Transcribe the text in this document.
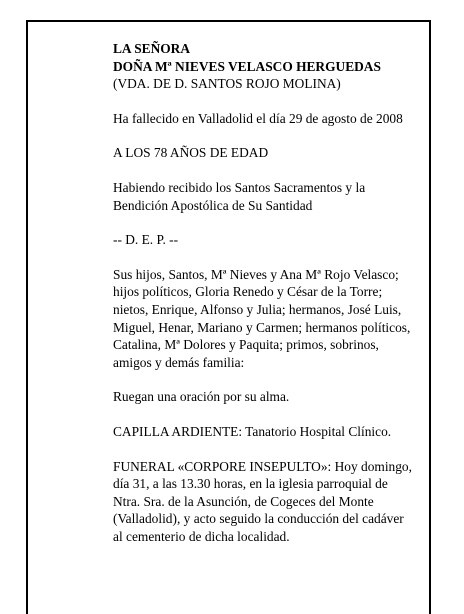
LA SEÑORA

DOÑA Mª NIEVES VELASCO HERGUEDAS

(VDA. DE D. SANTOS ROJO MOLINA)

Ha fallecido en Valladolid el día 29 de agosto de 2008

A LOS 78 AÑOS DE EDAD

Habiendo recibido los Santos Sacramentos y la

Bendición Apostólica de Su Santidad

-- D. E. P. --

Sus hijos, Santos, Mª Nieves y Ana Mª Rojo Velasco;

hijos políticos, Gloria Renedo y César de la Torre;

nietos, Enrique, Alfonso y Julia; hermanos, José Luis,

Miguel, Henar, Mariano y Carmen; hermanos políticos,

Catalina, Mª Dolores y Paquita; primos, sobrinos,

amigos y demás familia:

Ruegan una oración por su alma.

CAPILLA ARDIENTE: Tanatorio Hospital Clínico.

FUNERAL «CORPORE INSEPULTO»: Hoy domingo,

día 31, a las 13.30 horas, en la iglesia parroquial de

Ntra. Sra. de la Asunción, de Cogeces del Monte

(Valladolid), y acto seguido la conducción del cadáver

al cementerio de dicha localidad.
